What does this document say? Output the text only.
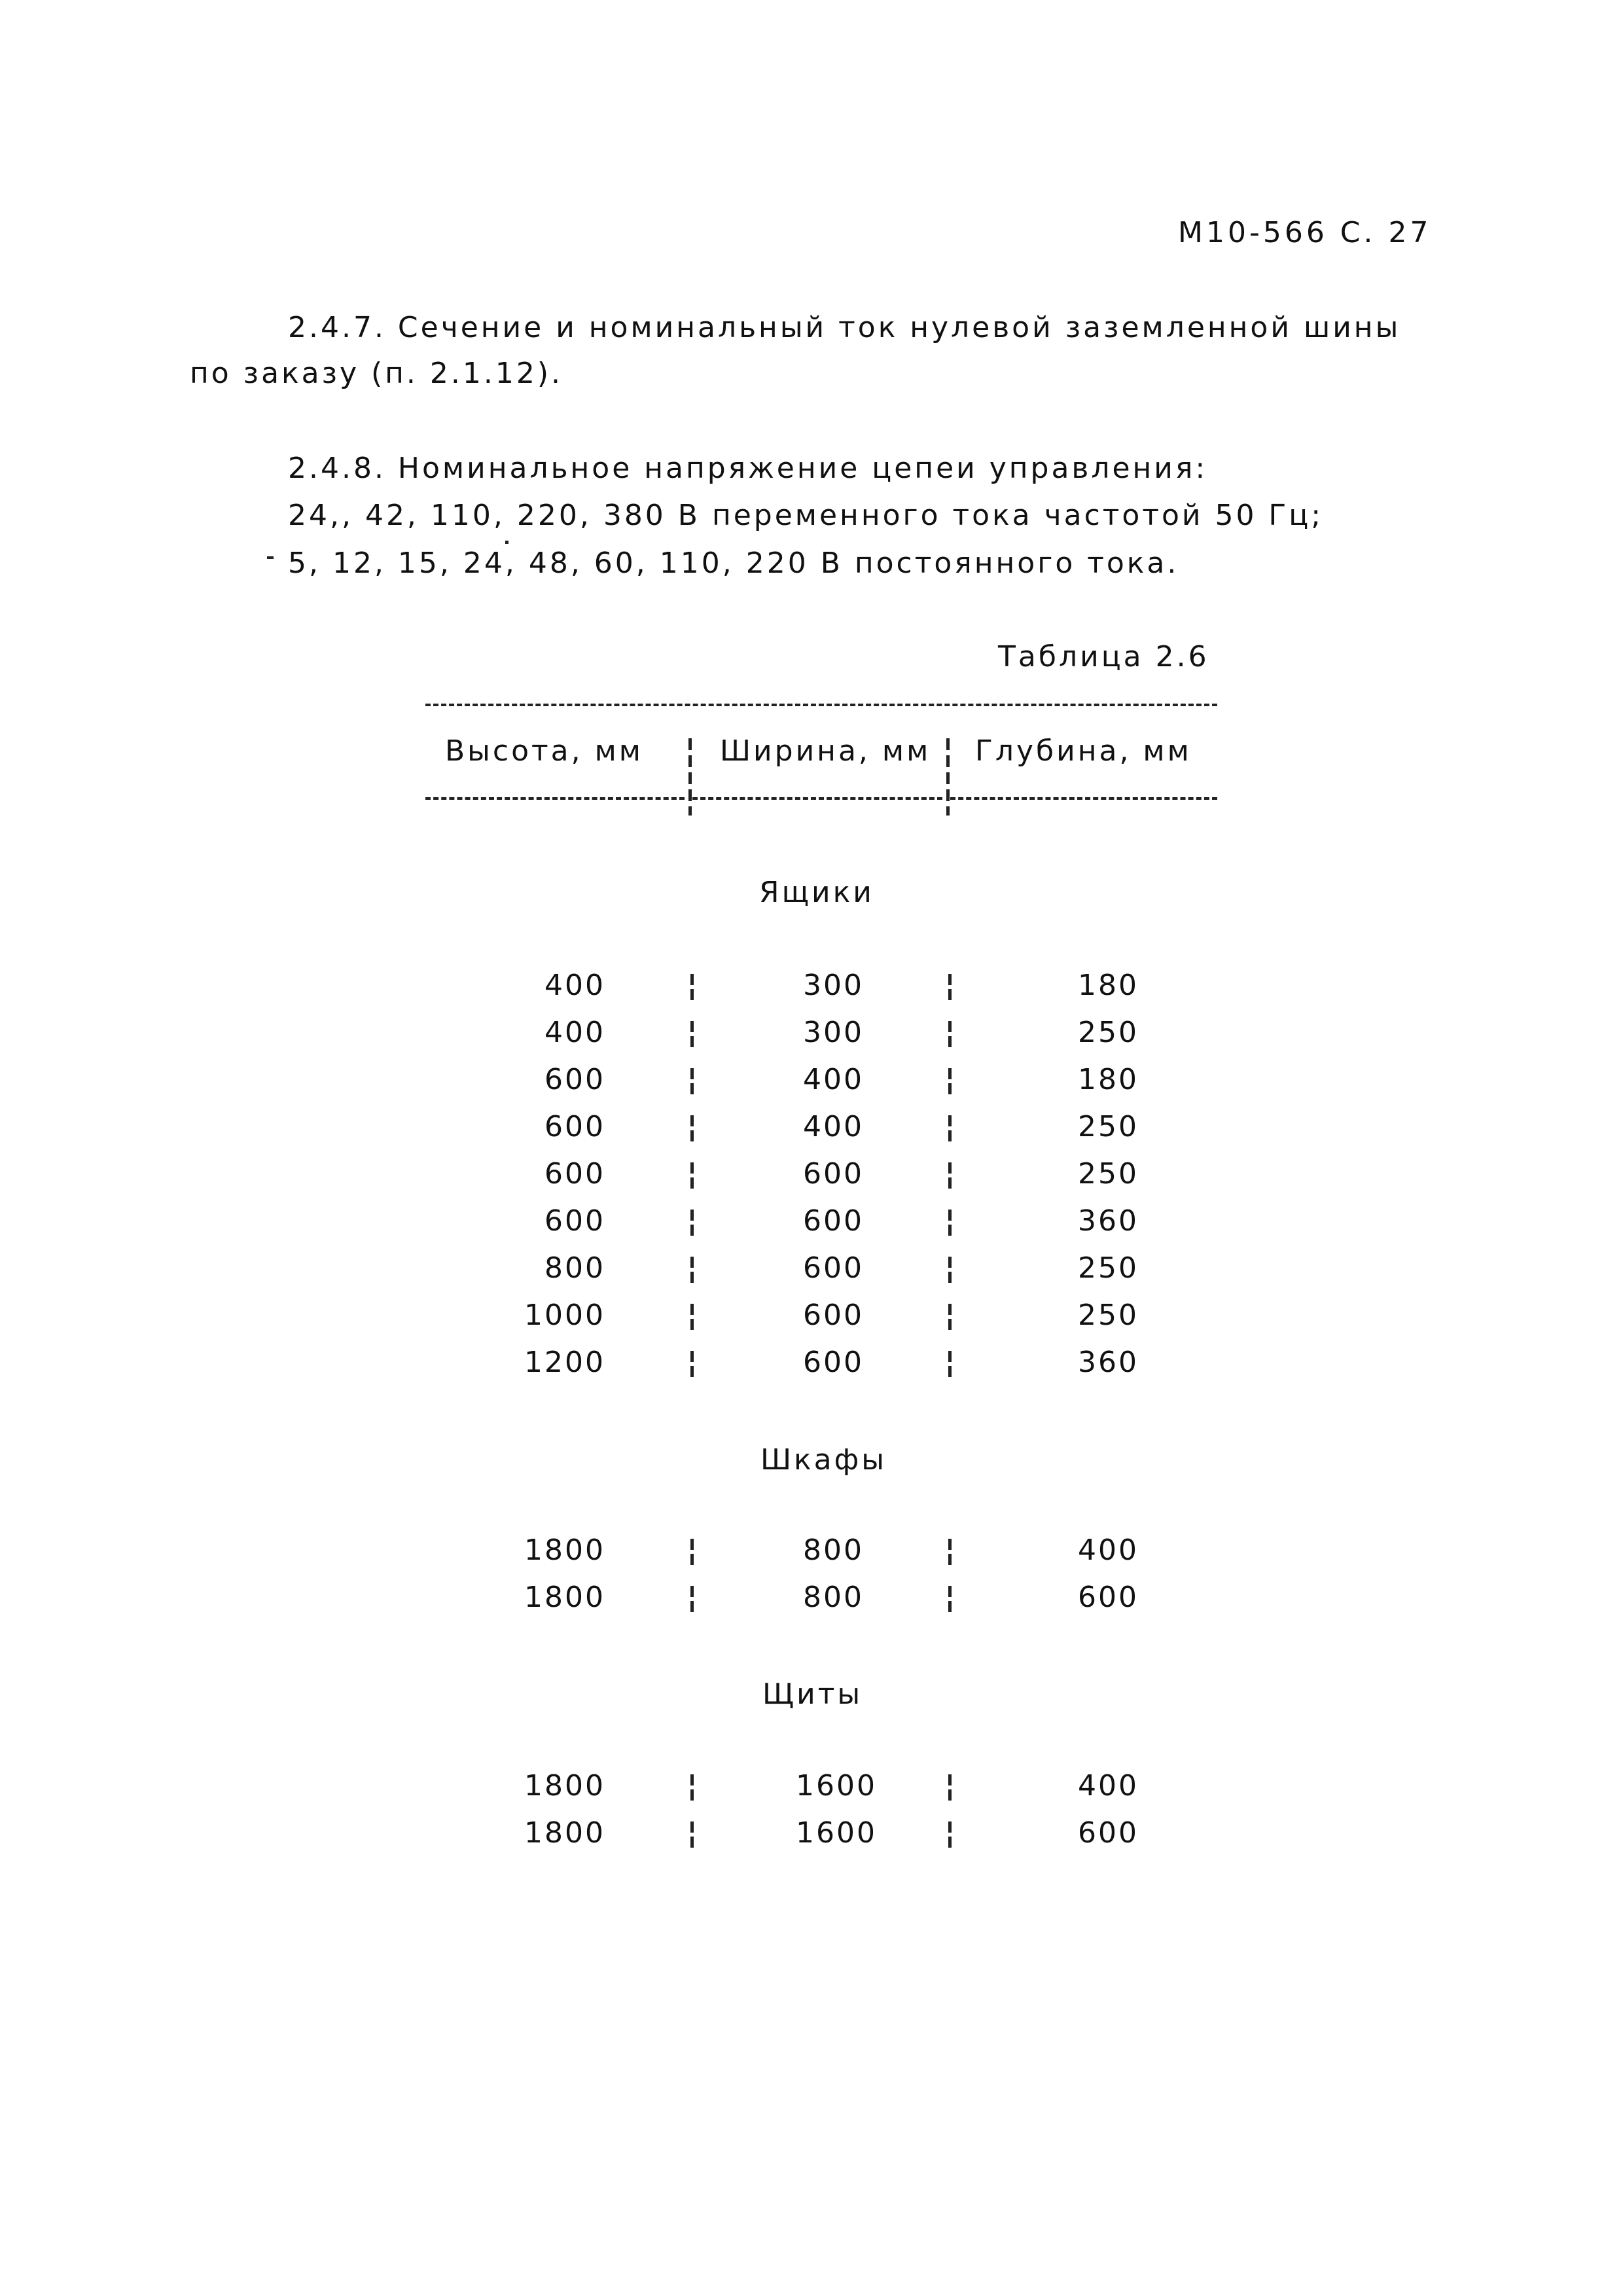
М10-566 С. 27
2.4.7. Сечение и номинальный ток нулевой заземленной шины
по заказу (п. 2.1.12).
2.4.8. Номинальное напряжение цепеи управления:
24,, 42, 110, 220, 380 В переменного тока частотой 50 Гц;
5, 12, 15, 24, 48, 60, 110, 220 В постоянного тока.
Таблица 2.6
Высота, мм	Ширина, мм Глубина, мм
Ящики
Шкафы
Щиты
400	300	180
400	300	250
600	400	180
600	400	250
600	600	250
600	600	360
800	600	250
1000	600	250
1200	600	360
1800	800	400
1800	800	600
1800	1600	400
1800	1600	600
